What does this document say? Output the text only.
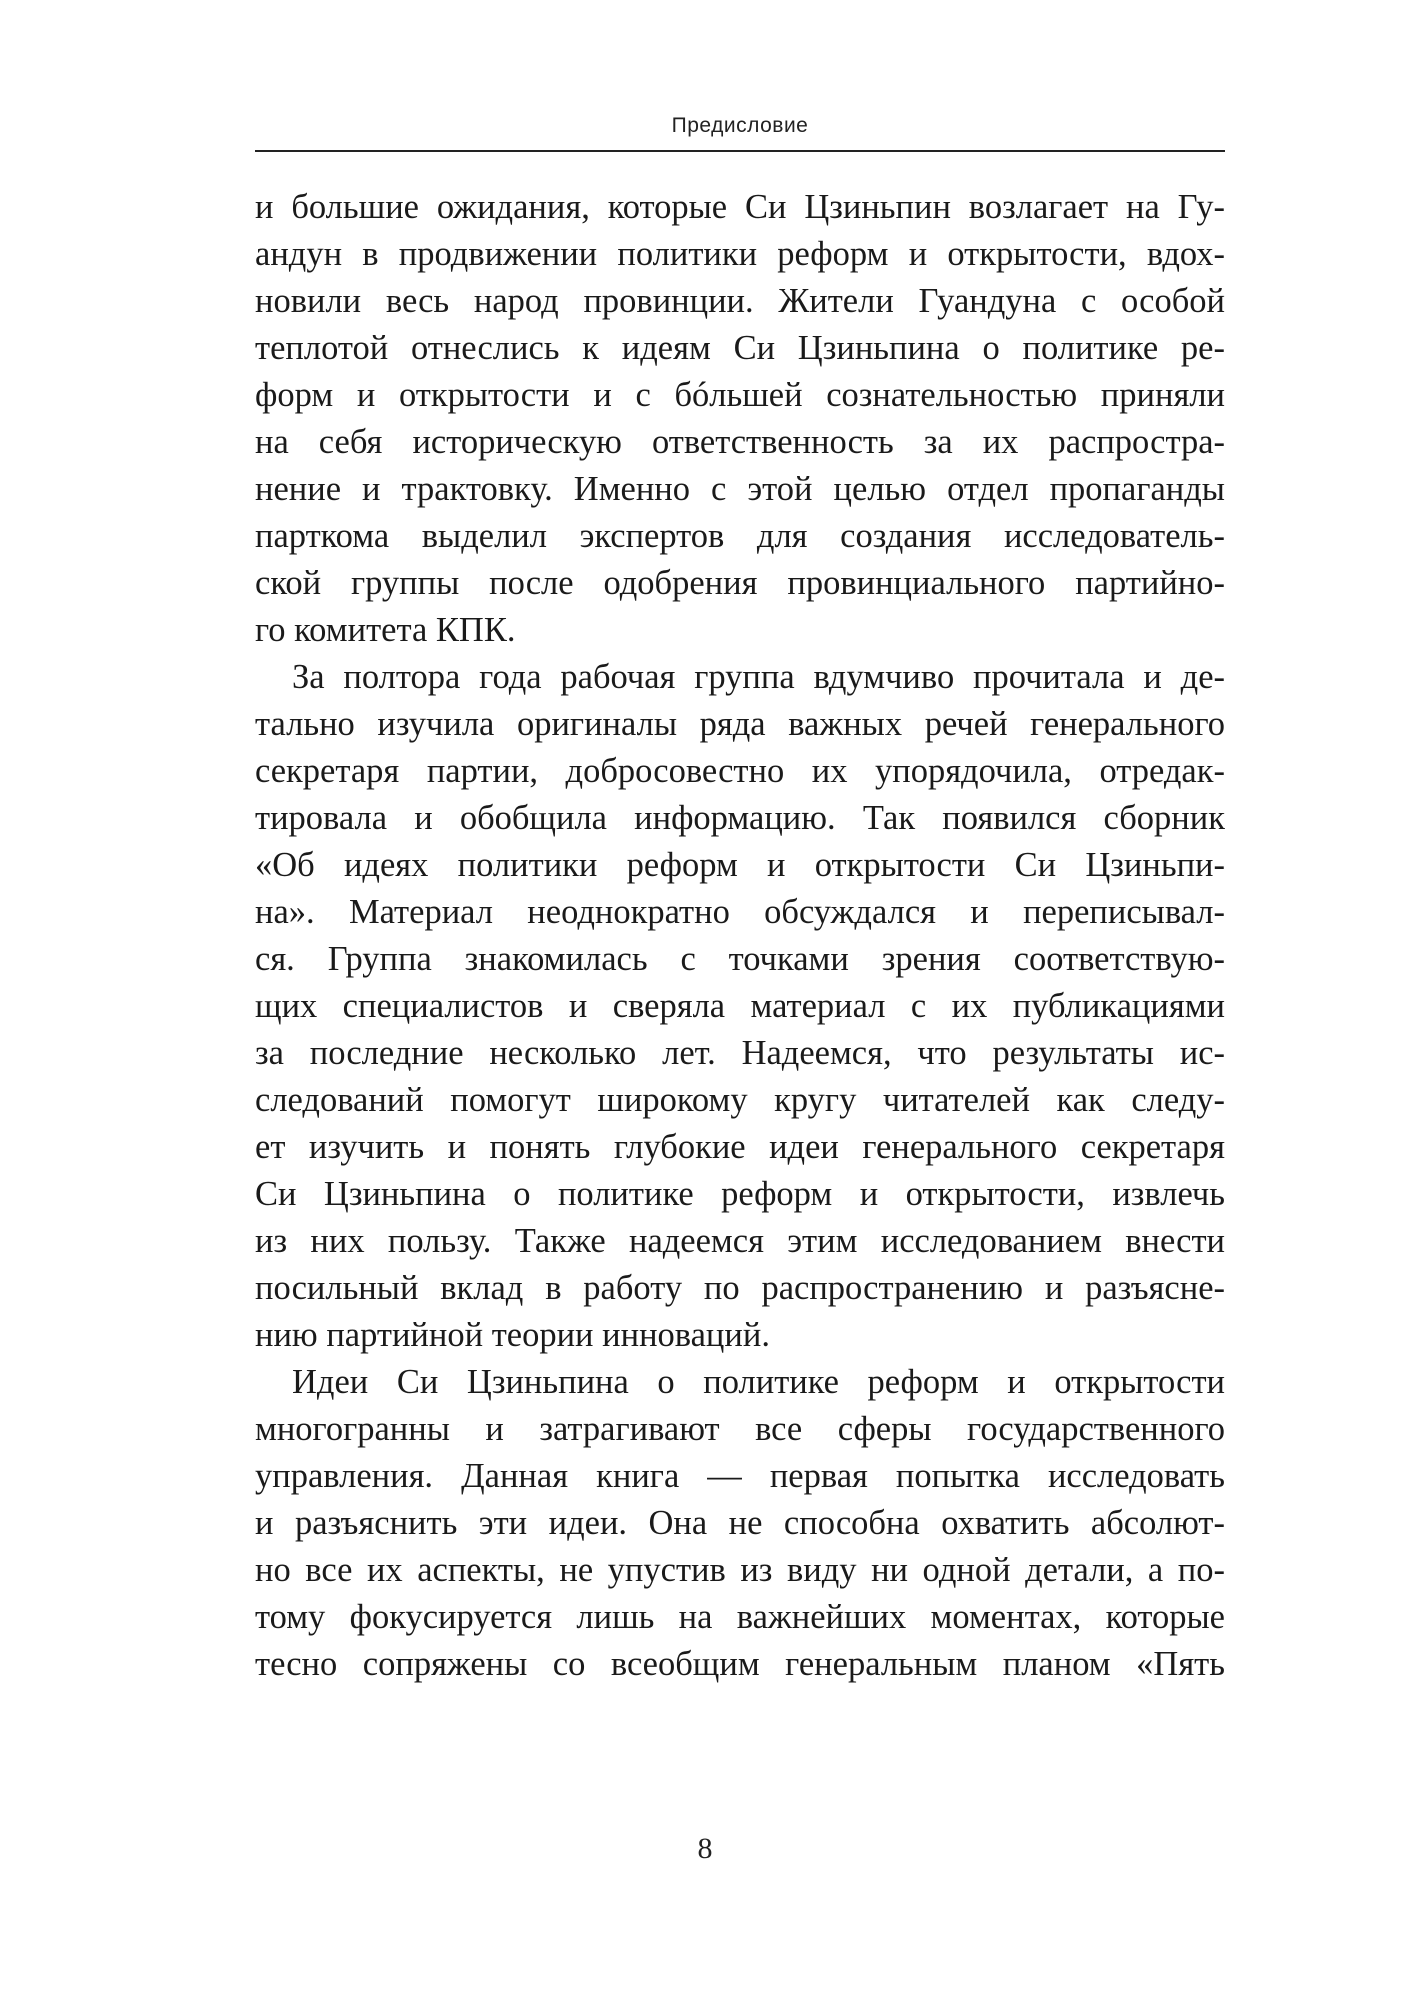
Предисловие
и большие ожидания, которые Си Цзиньпин возлагает на Гу-
андун в продвижении политики реформ и открытости, вдох-
новили весь народ провинции. Жители Гуандуна с особой
теплотой отнеслись к идеям Си Цзиньпина о политике ре-
форм и открытости и с бóльшей сознательностью приняли
на себя историческую ответственность за их распростра-
нение и трактовку. Именно с этой целью отдел пропаганды
парткома выделил экспертов для создания исследователь-
ской группы после одобрения провинциального партийно-
го комитета КПК.
За полтора года рабочая группа вдумчиво прочитала и де-
тально изучила оригиналы ряда важных речей генерального
секретаря партии, добросовестно их упорядочила, отредак-
тировала и обобщила информацию. Так появился сборник
«Об идеях политики реформ и открытости Си Цзиньпи-
на». Материал неоднократно обсуждался и переписывал-
ся. Группа знакомилась с точками зрения соответствую-
щих специалистов и сверяла материал с их публикациями
за последние несколько лет. Надеемся, что результаты ис-
следований помогут широкому кругу читателей как следу-
ет изучить и понять глубокие идеи генерального секретаря
Си Цзиньпина о политике реформ и открытости, извлечь
из них пользу. Также надеемся этим исследованием внести
посильный вклад в работу по распространению и разъясне-
нию партийной теории инноваций.
Идеи Си Цзиньпина о политике реформ и открытости
многогранны и затрагивают все сферы государственного
управления. Данная книга — первая попытка исследовать
и разъяснить эти идеи. Она не способна охватить абсолют-
но все их аспекты, не упустив из виду ни одной детали, а по-
тому фокусируется лишь на важнейших моментах, которые
тесно сопряжены со всеобщим генеральным планом «Пять
8
